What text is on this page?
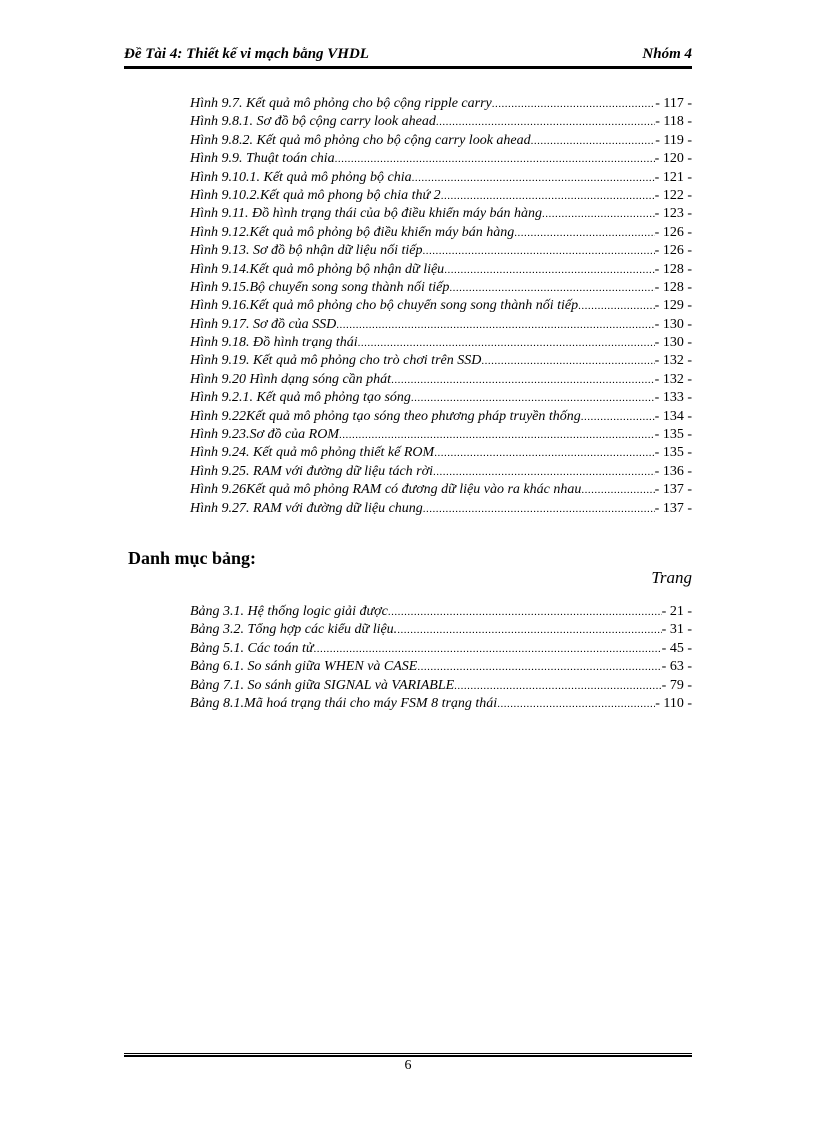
Đề Tài 4: Thiết kế vi mạch bằng VHDL	Nhóm 4
Hình 9.7. Kết quả mô phỏng cho bộ cộng ripple carry .....	- 117 -
Hình 9.8.1. Sơ đồ bộ cộng carry look ahead .....	- 118 -
Hình 9.8.2. Kết quả mô phỏng cho bộ cộng carry look ahead .....	- 119 -
Hình 9.9. Thuật toán chia .....	- 120 -
Hình 9.10.1. Kết quả mô phỏng bộ chia .....	- 121 -
Hình 9.10.2.Kết quả mô phong bộ chia thứ 2 .....	- 122 -
Hình 9.11. Đồ hình trạng thái của bộ điều khiển máy bán hàng .....	- 123 -
Hình 9.12.Kết quả mô phỏng bộ điều khiển máy bán hàng .....	- 126 -
Hình 9.13. Sơ đồ bộ nhận dữ liệu nối tiếp .....	- 126 -
Hình 9.14.Kết quả mô phỏng bộ nhận dữ liệu .....	- 128 -
Hình 9.15.Bộ chuyển song song thành nối tiếp .....	- 128 -
Hình 9.16.Kết quả mô phỏng cho bộ chuyển song song thành nối tiếp .....	- 129 -
Hình 9.17. Sơ đồ của SSD .....	- 130 -
Hình 9.18. Đồ hình trạng thái .....	- 130 -
Hình 9.19. Kết quả mô phỏng cho trò chơi trên SSD .....	- 132 -
Hình 9.20 Hình dạng sóng cần phát .....	- 132 -
Hình 9.2.1. Kết quả mô phỏng tạo sóng .....	- 133 -
Hình 9.22Kết quả mô phỏng tạo sóng theo phương pháp truyền thống .....	- 134 -
Hình 9.23.Sơ đồ của ROM .....	- 135 -
Hình 9.24. Kết quả mô phỏng thiết kế ROM .....	- 135 -
Hình 9.25. RAM với đường dữ liệu tách rời .....	- 136 -
Hình 9.26Kết quả mô phỏng RAM có đương dữ liệu vào ra khác nhau .....	- 137 -
Hình 9.27. RAM với đường dữ liệu chung .....	- 137 -
Danh mục bảng:
Trang
Bảng 3.1. Hệ thống logic giải được .....	- 21 -
Bảng 3.2. Tổng hợp các kiểu dữ liệu. .....	- 31 -
Bảng 5.1. Các toán tử .....	- 45 -
Bảng 6.1. So sánh giữa WHEN và CASE .....	- 63 -
Bảng 7.1. So sánh giữa SIGNAL và VARIABLE .....	- 79 -
Bảng 8.1.Mã hoá trạng thái cho máy FSM 8 trạng thái .....	- 110 -
6
